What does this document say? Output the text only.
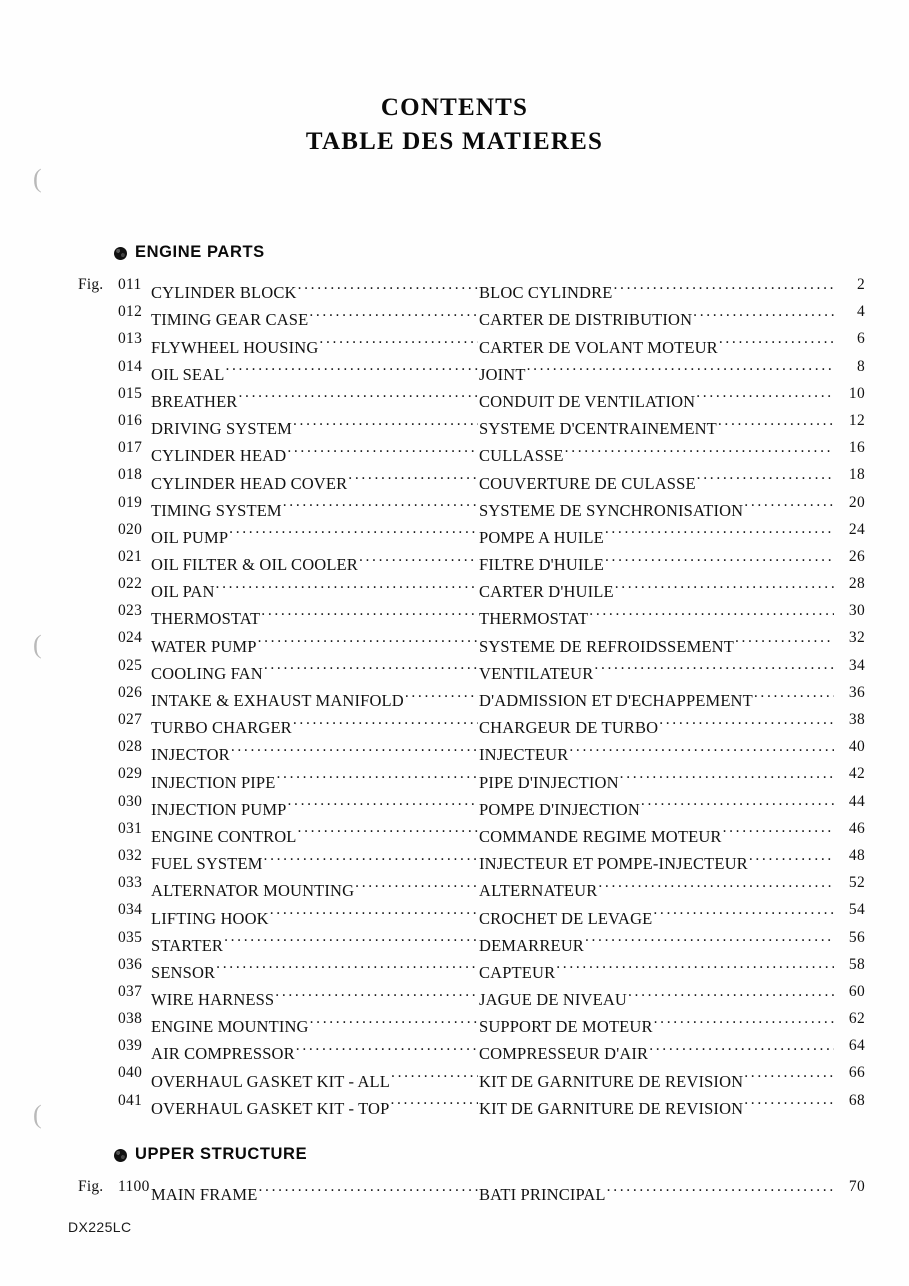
CONTENTS
TABLE DES MATIERES
(
(
(
ENGINE PARTS
Fig. 011 CYLINDER BLOCK . . .	BLOC CYLINDRE . . .	2
012 TIMING GEAR CASE . . .	CARTER DE DISTRIBUTION . . .	4
013 FLYWHEEL HOUSING . . .	CARTER DE VOLANT MOTEUR . . .	6
014 OIL SEAL . . .	JOINT . . .	8
015 BREATHER . . .	CONDUIT DE VENTILATION . . .	10
016 DRIVING SYSTEM . . .	SYSTEME D'CENTRAINEMENT . . .	12
017 CYLINDER HEAD . . .	CULLASSE . . .	16
018 CYLINDER HEAD COVER . . .	COUVERTURE DE CULASSE . . .	18
019 TIMING SYSTEM . . .	SYSTEME DE SYNCHRONISATION . . .	20
020 OIL PUMP . . .	POMPE A HUILE . . .	24
021 OIL FILTER & OIL COOLER . . .	FILTRE D'HUILE . . .	26
022 OIL PAN . . .	CARTER D'HUILE . . .	28
023 THERMOSTAT . . .	THERMOSTAT . . .	30
024 WATER PUMP . . .	SYSTEME DE REFROIDSSEMENT . . .	32
025 COOLING FAN . . .	VENTILATEUR . . .	34
026 INTAKE & EXHAUST MANIFOLD . . .	D'ADMISSION ET D'ECHAPPEMENT . . .	36
027 TURBO CHARGER . . .	CHARGEUR DE TURBO . . .	38
028 INJECTOR . . .	INJECTEUR . . .	40
029 INJECTION PIPE . . .	PIPE D'INJECTION . . .	42
030 INJECTION PUMP . . .	POMPE D'INJECTION . . .	44
031 ENGINE CONTROL . . .	COMMANDE REGIME MOTEUR . . .	46
032 FUEL SYSTEM . . .	INJECTEUR ET POMPE-INJECTEUR . . .	48
033 ALTERNATOR MOUNTING . . .	ALTERNATEUR . . .	52
034 LIFTING HOOK . . .	CROCHET DE LEVAGE . . .	54
035 STARTER . . .	DEMARREUR . . .	56
036 SENSOR . . .	CAPTEUR . . .	58
037 WIRE HARNESS . . .	JAGUE DE NIVEAU . . .	60
038 ENGINE MOUNTING . . .	SUPPORT DE MOTEUR . . .	62
039 AIR COMPRESSOR . . .	COMPRESSEUR D'AIR . . .	64
040 OVERHAUL GASKET KIT - ALL . . .	KIT DE GARNITURE DE REVISION . . .	66
041 OVERHAUL GASKET KIT - TOP . . .	KIT DE GARNITURE DE REVISION . . .	68
UPPER STRUCTURE
Fig. 1100 MAIN FRAME . . .	BATI PRINCIPAL . . .	70
DX225LC
